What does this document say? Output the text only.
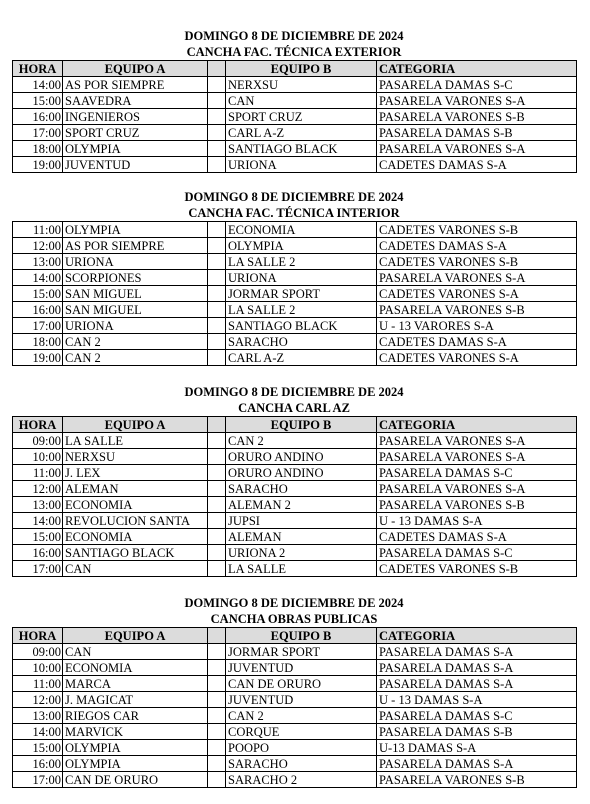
DOMINGO 8 DE DICIEMBRE DE 2024
CANCHA FAC. TÉCNICA EXTERIOR
HORA	EQUIPO A		EQUIPO B	CATEGORIA
14:00	AS POR SIEMPRE		NERXSU	PASARELA DAMAS S-C
15:00	SAAVEDRA		CAN	PASARELA VARONES S-A
16:00	INGENIEROS		SPORT CRUZ	PASARELA VARONES S-B
17:00	SPORT CRUZ		CARL A-Z	PASARELA DAMAS S-B
18:00	OLYMPIA		SANTIAGO BLACK	PASARELA VARONES S-A
19:00	JUVENTUD		URIONA	CADETES DAMAS S-A
DOMINGO 8 DE DICIEMBRE DE 2024
CANCHA FAC. TÉCNICA INTERIOR
11:00	OLYMPIA		ECONOMIA	CADETES VARONES S-B
12:00	AS POR SIEMPRE		OLYMPIA	CADETES DAMAS S-A
13:00	URIONA		LA SALLE 2	CADETES VARONES S-B
14:00	SCORPIONES		URIONA	PASARELA VARONES S-A
15:00	SAN MIGUEL		JORMAR SPORT	CADETES VARONES S-A
16:00	SAN MIGUEL		LA SALLE 2	PASARELA VARONES S-B
17:00	URIONA		SANTIAGO BLACK	U - 13 VARORES S-A
18:00	CAN 2		SARACHO	CADETES DAMAS S-A
19:00	CAN 2		CARL A-Z	CADETES VARONES S-A
DOMINGO 8 DE DICIEMBRE DE 2024
CANCHA CARL AZ
HORA	EQUIPO A		EQUIPO B	CATEGORIA
09:00	LA SALLE		CAN 2	PASARELA VARONES S-A
10:00	NERXSU		ORURO ANDINO	PASARELA VARONES S-A
11:00	J. LEX		ORURO ANDINO	PASARELA DAMAS S-C
12:00	ALEMAN		SARACHO	PASARELA VARONES S-A
13:00	ECONOMIA		ALEMAN 2	PASARELA VARONES S-B
14:00	REVOLUCION SANTA		JUPSI	U - 13 DAMAS S-A
15:00	ECONOMIA		ALEMAN	CADETES DAMAS S-A
16:00	SANTIAGO BLACK		URIONA 2	PASARELA DAMAS S-C
17:00	CAN		LA SALLE	CADETES VARONES S-B
DOMINGO 8 DE DICIEMBRE DE 2024
CANCHA OBRAS PUBLICAS
HORA	EQUIPO A		EQUIPO B	CATEGORIA
09:00	CAN		JORMAR SPORT	PASARELA DAMAS S-A
10:00	ECONOMIA		JUVENTUD	PASARELA DAMAS S-A
11:00	MARCA		CAN DE ORURO	PASARELA DAMAS S-A
12:00	J. MAGICAT		JUVENTUD	U - 13 DAMAS S-A
13:00	RIEGOS CAR		CAN 2	PASARELA DAMAS S-C
14:00	MARVICK		CORQUE	PASARELA DAMAS S-B
15:00	OLYMPIA		POOPO	U-13 DAMAS S-A
16:00	OLYMPIA		SARACHO	PASARELA DAMAS S-A
17:00	CAN DE ORURO		SARACHO 2	PASARELA VARONES S-B
